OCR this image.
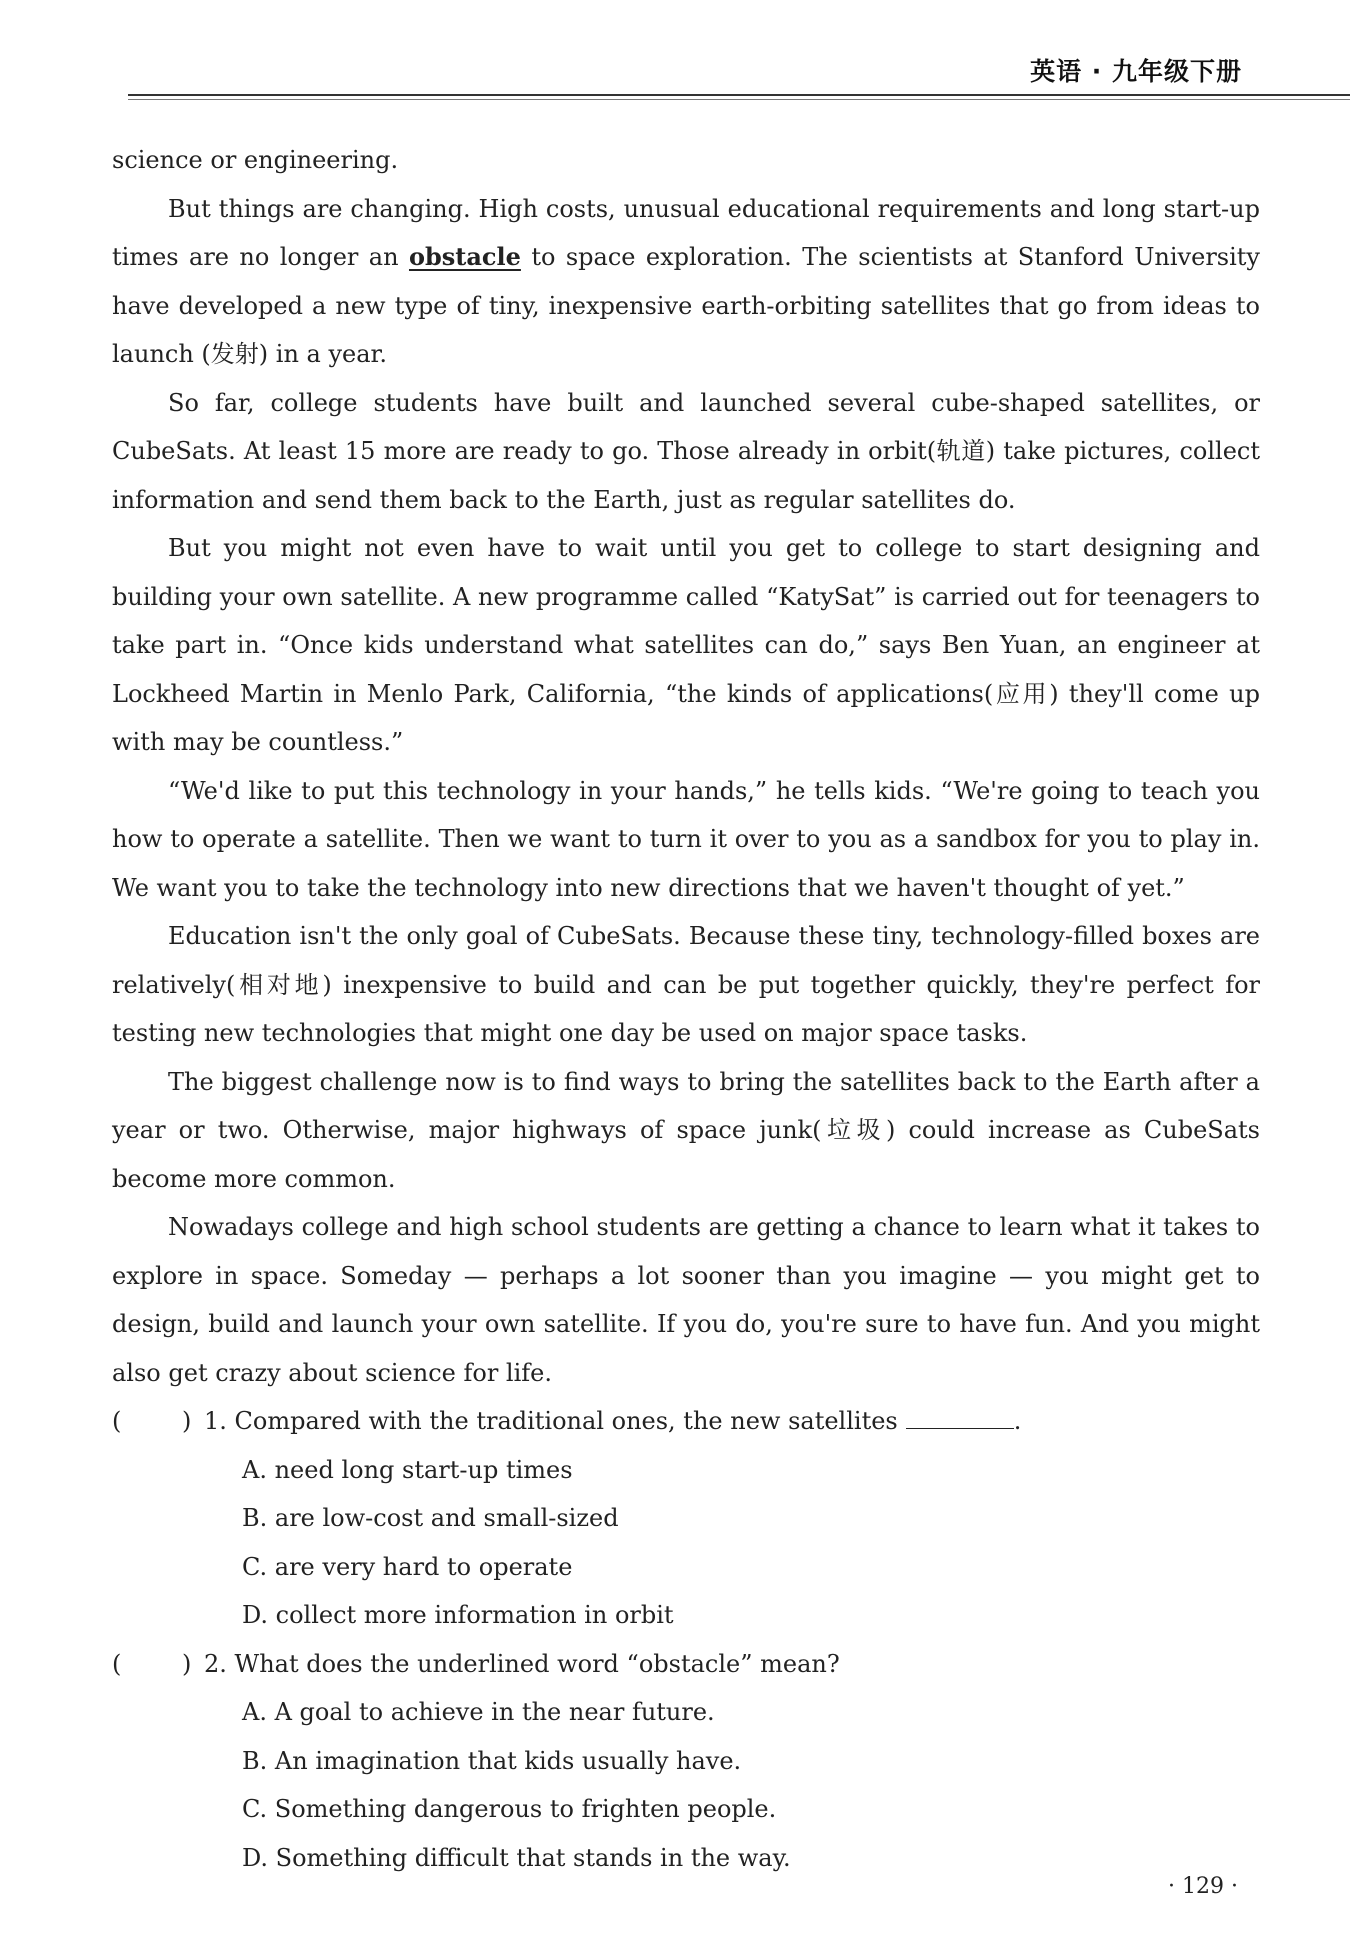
英语 · 九年级下册

science or engineering.

But things are changing. High costs, unusual educational requirements and long start-up times are no longer an obstacle to space exploration. The scientists at Stanford University have developed a new type of tiny, inexpensive earth-orbiting satellites that go from ideas to launch (发射) in a year.

So far, college students have built and launched several cube-shaped satellites, or CubeSats. At least 15 more are ready to go. Those already in orbit(轨道) take pictures, collect information and send them back to the Earth, just as regular satellites do.

But you might not even have to wait until you get to college to start designing and building your own satellite. A new programme called “KatySat” is carried out for teenagers to take part in. “Once kids understand what satellites can do,” says Ben Yuan, an engineer at Lockheed Martin in Menlo Park, California, “the kinds of applications(应用) they'll come up with may be countless.”

“We'd like to put this technology in your hands,” he tells kids. “We're going to teach you how to operate a satellite. Then we want to turn it over to you as a sandbox for you to play in. We want you to take the technology into new directions that we haven't thought of yet.”

Education isn't the only goal of CubeSats. Because these tiny, technology-filled boxes are relatively(相对地) inexpensive to build and can be put together quickly, they're perfect for testing new technologies that might one day be used on major space tasks.

The biggest challenge now is to find ways to bring the satellites back to the Earth after a year or two. Otherwise, major highways of space junk(垃圾) could increase as CubeSats become more common.

Nowadays college and high school students are getting a chance to learn what it takes to explore in space. Someday — perhaps a lot sooner than you imagine — you might get to design, build and launch your own satellite. If you do, you're sure to have fun. And you might also get crazy about science for life.

(	) 1. Compared with the traditional ones, the new satellites	.
A. need long start-up times
B. are low-cost and small-sized
C. are very hard to operate
D. collect more information in orbit
(	) 2. What does the underlined word “obstacle” mean?
A. A goal to achieve in the near future.
B. An imagination that kids usually have.
C. Something dangerous to frighten people.
D. Something difficult that stands in the way.
· 129 ·
